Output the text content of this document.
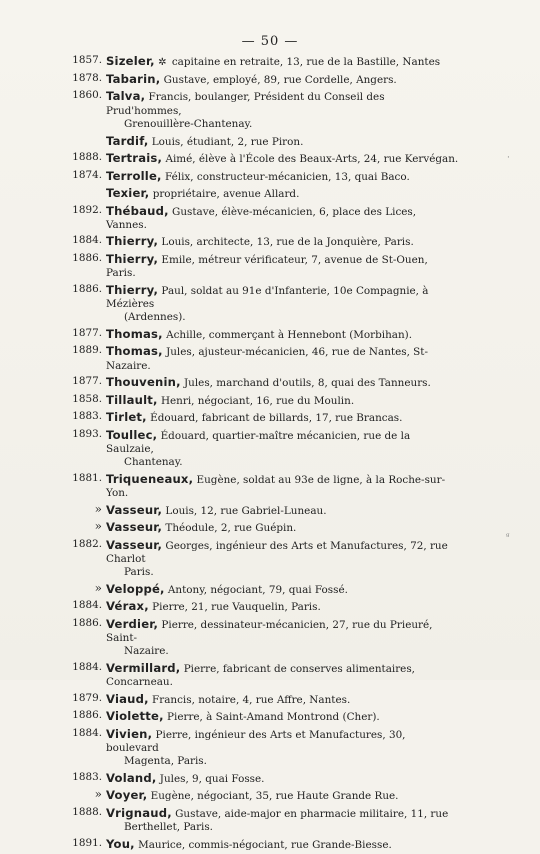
— 50 —
1857. Sizeler, ✲ capitaine en retraite, 13, rue de la Bastille, Nantes
1878. Tabarin, Gustave, employé, 89, rue Cordelle, Angers.
1860. Talva, Francis, boulanger, Président du Conseil des Prud'hommes,
Grenouillère-Chantenay.
Tardif, Louis, étudiant, 2, rue Piron.
1888. Tertrais, Aimé, élève à l'École des Beaux-Arts, 24, rue Kervégan.
1874. Terrolle, Félix, constructeur-mécanicien, 13, quai Baco.
Texier, propriétaire, avenue Allard.
1892. Thébaud, Gustave, élève-mécanicien, 6, place des Lices, Vannes.
1884. Thierry, Louis, architecte, 13, rue de la Jonquière, Paris.
1886. Thierry, Emile, métreur vérificateur, 7, avenue de St-Ouen, Paris.
1886. Thierry, Paul, soldat au 91e d'Infanterie, 10e Compagnie, à Mézières
(Ardennes).
1877. Thomas, Achille, commerçant à Hennebont (Morbihan).
1889. Thomas, Jules, ajusteur-mécanicien, 46, rue de Nantes, St-Nazaire.
1877. Thouvenin, Jules, marchand d'outils, 8, quai des Tanneurs.
1858. Tillault, Henri, négociant, 16, rue du Moulin.
1883. Tirlet, Édouard, fabricant de billards, 17, rue Brancas.
1893. Toullec, Édouard, quartier-maître mécanicien, rue de la Saulzaie,
Chantenay.
1881. Triqueneaux, Eugène, soldat au 93e de ligne, à la Roche-sur-Yon.
» Vasseur, Louis, 12, rue Gabriel-Luneau.
» Vasseur, Théodule, 2, rue Guépin.
1882. Vasseur, Georges, ingénieur des Arts et Manufactures, 72, rue Charlot
Paris.
» Veloppé, Antony, négociant, 79, quai Fossé.
1884. Vérax, Pierre, 21, rue Vauquelin, Paris.
1886. Verdier, Pierre, dessinateur-mécanicien, 27, rue du Prieuré, Saint-
Nazaire.
1884. Vermillard, Pierre, fabricant de conserves alimentaires, Concarneau.
1879. Viaud, Francis, notaire, 4, rue Affre, Nantes.
1886. Violette, Pierre, à Saint-Amand Montrond (Cher).
1884. Vivien, Pierre, ingénieur des Arts et Manufactures, 30, boulevard
Magenta, Paris.
1883. Voland, Jules, 9, quai Fosse.
» Voyer, Eugène, négociant, 35, rue Haute Grande Rue.
1888. Vrignaud, Gustave, aide-major en pharmacie militaire, 11, rue
Berthellet, Paris.
1891. You, Maurice, commis-négociant, rue Grande-Biesse.
·
ᵍ
